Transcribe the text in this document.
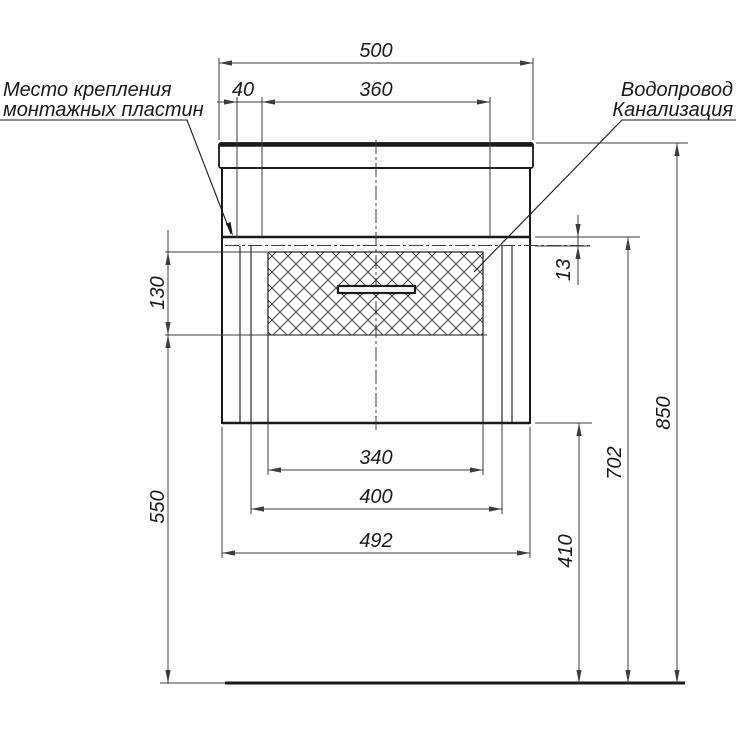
500
40	360
130
550
340
400
492
13
410
702
850
Место крепления
монтажных пластин
Водопровод
Канализация
